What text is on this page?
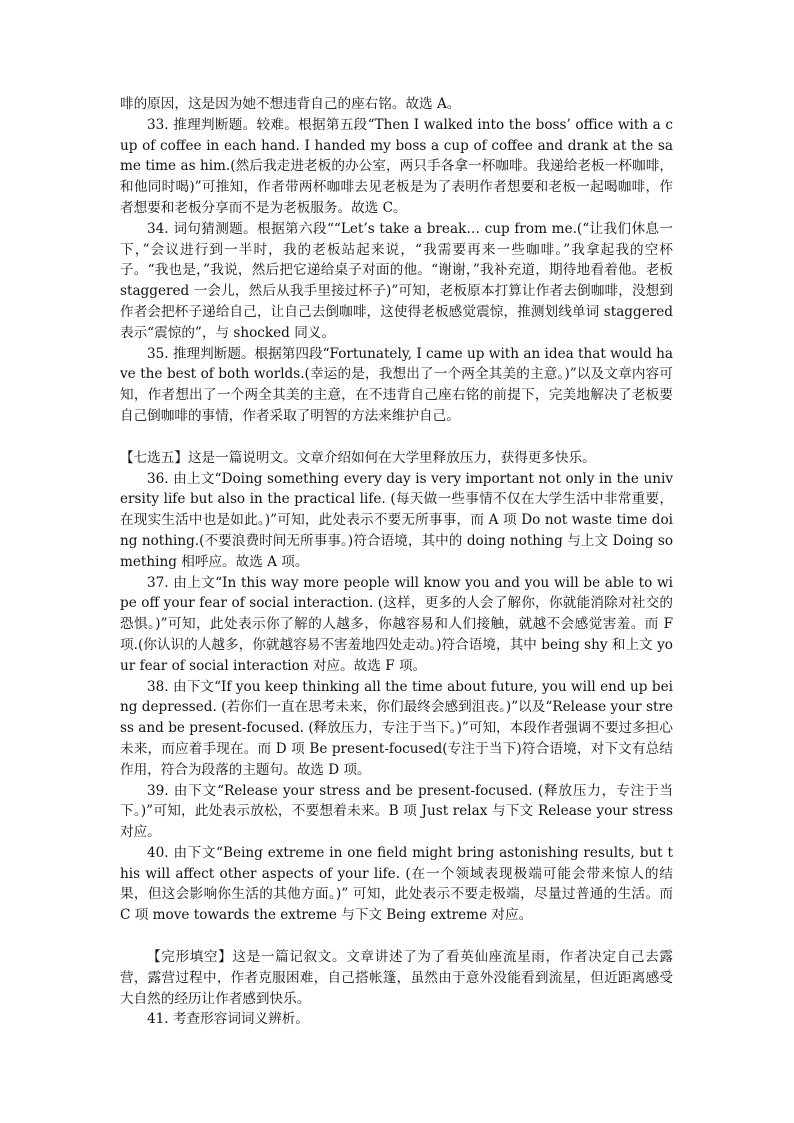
啡的原因，这是因为她不想违背自己的座右铭。故选 A。

33. 推理判断题。较难。根据第五段“Then I walked into the boss’ office with a cup of coffee in each hand. I handed my boss a cup of coffee and drank at the same time as him.(然后我走进老板的办公室，两只手各拿一杯咖啡。我递给老板一杯咖啡，和他同时喝)”可推知，作者带两杯咖啡去见老板是为了表明作者想要和老板一起喝咖啡，作者想要和老板分享而不是为老板服务。故选 C。

34. 词句猜测题。根据第六段““Let’s take a break… cup from me.(“让我们休息一下，”会议进行到一半时，我的老板站起来说，“我需要再来一些咖啡。”我拿起我的空杯子。“我也是，”我说，然后把它递给桌子对面的他。“谢谢，”我补充道，期待地看着他。老板 staggered 一会儿，然后从我手里接过杯子)”可知，老板原本打算让作者去倒咖啡，没想到作者会把杯子递给自己，让自己去倒咖啡，这使得老板感觉震惊，推测划线单词 staggered 表示“震惊的”，与 shocked 同义。

35. 推理判断题。根据第四段“Fortunately, I came up with an idea that would have the best of both worlds.(幸运的是，我想出了一个两全其美的主意。)”以及文章内容可知，作者想出了一个两全其美的主意，在不违背自己座右铭的前提下，完美地解决了老板要自己倒咖啡的事情，作者采取了明智的方法来维护自己。

【七选五】这是一篇说明文。文章介绍如何在大学里释放压力，获得更多快乐。

36. 由上文“Doing something every day is very important not only in the university life but also in the practical life. (每天做一些事情不仅在大学生活中非常重要，在现实生活中也是如此。)”可知，此处表示不要无所事事，而 A 项 Do not waste time doing nothing.(不要浪费时间无所事事。)符合语境，其中的 doing nothing 与上文 Doing something 相呼应。故选 A 项。

37. 由上文“In this way more people will know you and you will be able to wipe off your fear of social interaction. (这样，更多的人会了解你，你就能消除对社交的恐惧。)”可知，此处表示你了解的人越多，你越容易和人们接触，就越不会感觉害羞。而 F 项.(你认识的人越多，你就越容易不害羞地四处走动。)符合语境，其中 being shy 和上文 your fear of social interaction 对应。故选 F 项。

38. 由下文“If you keep thinking all the time about future, you will end up being depressed. (若你们一直在思考未来，你们最终会感到沮丧。)”以及“Release your stress and be present-focused. (释放压力，专注于当下。)”可知，本段作者强调不要过多担心未来，而应着手现在。而 D 项 Be present-focused(专注于当下)符合语境，对下文有总结作用，符合为段落的主题句。故选 D 项。

39. 由下文“Release your stress and be present-focused. (释放压力，专注于当下。)”可知，此处表示放松，不要想着未来。B 项 Just relax 与下文 Release your stress 对应。

40. 由下文“Being extreme in one field might bring astonishing results, but this will affect other aspects of your life. (在一个领域表现极端可能会带来惊人的结果，但这会影响你生活的其他方面。)” 可知，此处表示不要走极端，尽量过普通的生活。而 C 项 move towards the extreme 与下文 Being extreme 对应。

【完形填空】这是一篇记叙文。文章讲述了为了看英仙座流星雨，作者决定自己去露营，露营过程中，作者克服困难，自己搭帐篷，虽然由于意外没能看到流星，但近距离感受大自然的经历让作者感到快乐。

41. 考查形容词词义辨析。
